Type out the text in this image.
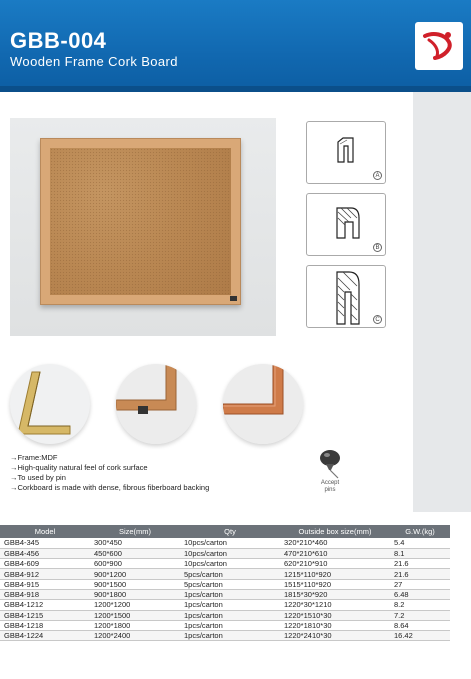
GBB-004
Wooden Frame Cork Board
A
B
C
→Frame:MDF
→High-quality natural feel of cork surface
→To used by pin
→Corkboard is made with dense, fibrous fiberboard backing	Accept
pins
Model	Size(mm)	Qty	Outside box size(mm)	G.W.(kg)
GBB4-345	300*450	10pcs/carton	320*210*460	5.4
GBB4-456	450*600	10pcs/carton	470*210*610	8.1
GBB4-609	600*900	10pcs/carton	620*210*910	21.6
GBB4-912	900*1200	5pcs/carton	1215*110*920	21.6
GBB4-915	900*1500	5pcs/carton	1515*110*920	27
GBB4-918	900*1800	1pcs/carton	1815*30*920	6.48
GBB4-1212	1200*1200	1pcs/carton	1220*30*1210	8.2
GBB4-1215	1200*1500	1pcs/carton	1220*1510*30	7.2
GBB4-1218	1200*1800	1pcs/carton	1220*1810*30	8.64
GBB4-1224	1200*2400	1pcs/carton	1220*2410*30	16.42
